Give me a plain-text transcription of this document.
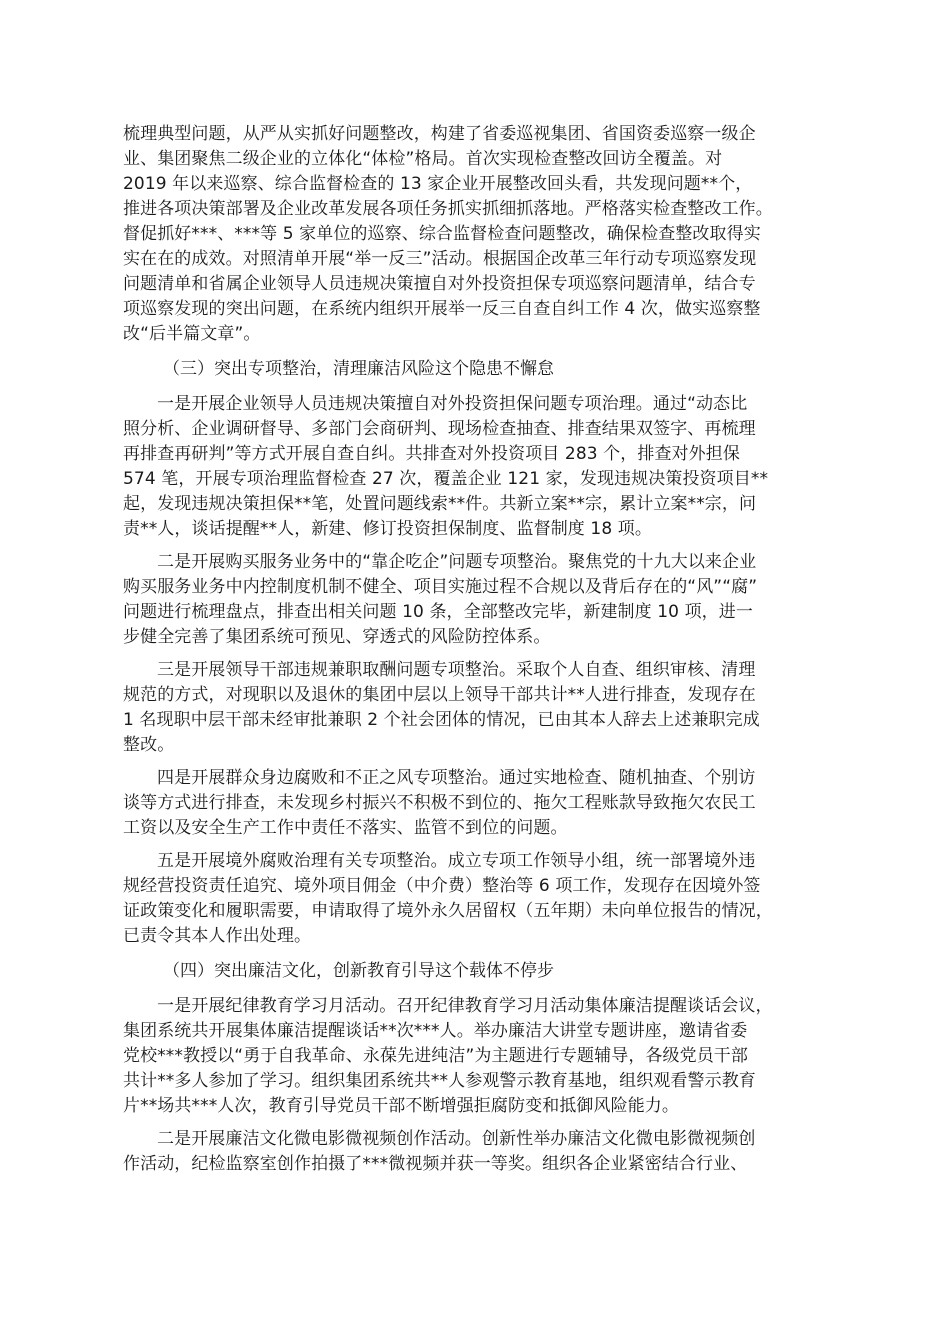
梳理典型问题，从严从实抓好问题整改，构建了省委巡视集团、省国资委巡察一级企
业、集团聚焦二级企业的立体化“体检”格局。首次实现检查整改回访全覆盖。对
2019 年以来巡察、综合监督检查的 13 家企业开展整改回头看，共发现问题**个，
推进各项决策部署及企业改革发展各项任务抓实抓细抓落地。严格落实检查整改工作。
督促抓好***、***等 5 家单位的巡察、综合监督检查问题整改，确保检查整改取得实
实在在的成效。对照清单开展“举一反三”活动。根据国企改革三年行动专项巡察发现
问题清单和省属企业领导人员违规决策擅自对外投资担保专项巡察问题清单，结合专
项巡察发现的突出问题，在系统内组织开展举一反三自查自纠工作 4 次，做实巡察整
改“后半篇文章”。

（三）突出专项整治，清理廉洁风险这个隐患不懈怠

一是开展企业领导人员违规决策擅自对外投资担保问题专项治理。通过“动态比
照分析、企业调研督导、多部门会商研判、现场检查抽查、排查结果双签字、再梳理
再排查再研判”等方式开展自查自纠。共排查对外投资项目 283 个，排查对外担保
574 笔，开展专项治理监督检查 27 次，覆盖企业 121 家，发现违规决策投资项目**
起，发现违规决策担保**笔，处置问题线索**件。共新立案**宗，累计立案**宗，问
责**人，谈话提醒**人，新建、修订投资担保制度、监督制度 18 项。

二是开展购买服务业务中的“靠企吃企”问题专项整治。聚焦党的十九大以来企业
购买服务业务中内控制度机制不健全、项目实施过程不合规以及背后存在的“风”“腐”
问题进行梳理盘点，排查出相关问题 10 条，全部整改完毕，新建制度 10 项，进一
步健全完善了集团系统可预见、穿透式的风险防控体系。

三是开展领导干部违规兼职取酬问题专项整治。采取个人自查、组织审核、清理
规范的方式，对现职以及退休的集团中层以上领导干部共计**人进行排查，发现存在
1 名现职中层干部未经审批兼职 2 个社会团体的情况，已由其本人辞去上述兼职完成
整改。

四是开展群众身边腐败和不正之风专项整治。通过实地检查、随机抽查、个别访
谈等方式进行排查，未发现乡村振兴不积极不到位的、拖欠工程账款导致拖欠农民工
工资以及安全生产工作中责任不落实、监管不到位的问题。

五是开展境外腐败治理有关专项整治。成立专项工作领导小组，统一部署境外违
规经营投资责任追究、境外项目佣金（中介费）整治等 6 项工作，发现存在因境外签
证政策变化和履职需要，申请取得了境外永久居留权（五年期）未向单位报告的情况，
已责令其本人作出处理。

（四）突出廉洁文化，创新教育引导这个载体不停步

一是开展纪律教育学习月活动。召开纪律教育学习月活动集体廉洁提醒谈话会议，
集团系统共开展集体廉洁提醒谈话**次***人。举办廉洁大讲堂专题讲座，邀请省委
党校***教授以“勇于自我革命、永葆先进纯洁”为主题进行专题辅导，各级党员干部
共计**多人参加了学习。组织集团系统共**人参观警示教育基地，组织观看警示教育
片**场共***人次，教育引导党员干部不断增强拒腐防变和抵御风险能力。

二是开展廉洁文化微电影微视频创作活动。创新性举办廉洁文化微电影微视频创
作活动，纪检监察室创作拍摄了***微视频并获一等奖。组织各企业紧密结合行业、
